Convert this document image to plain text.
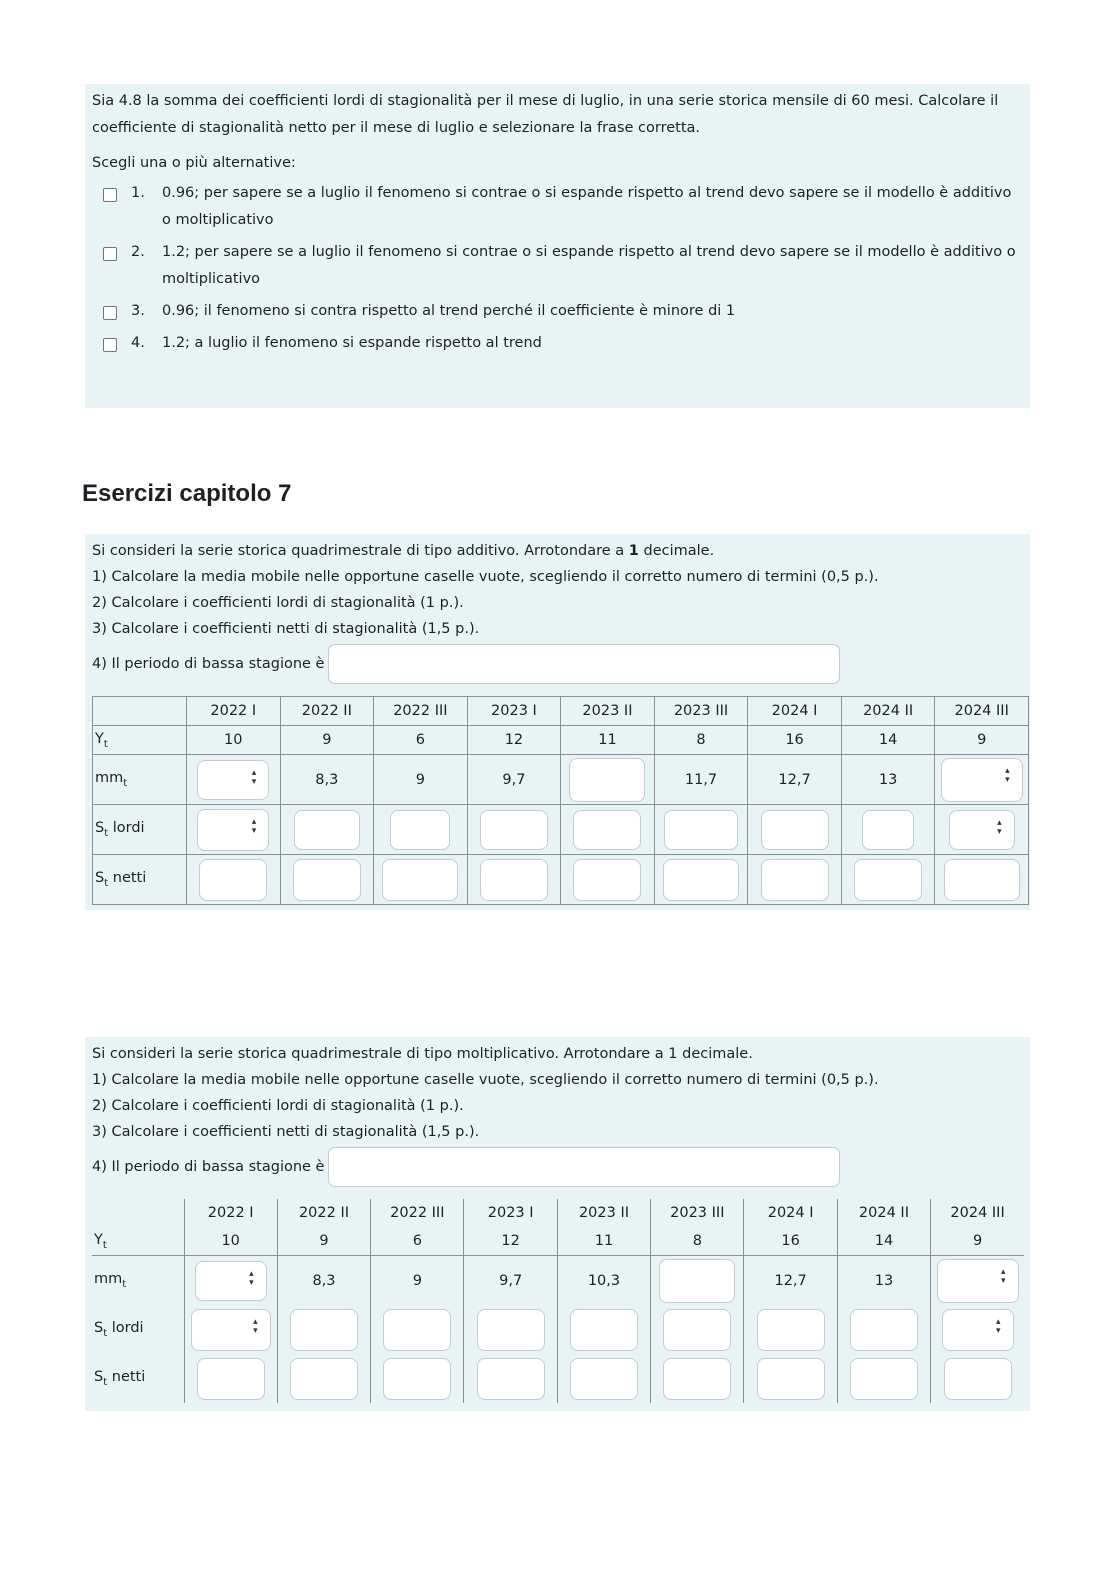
Sia 4.8 la somma dei coefficienti lordi di stagionalità per il mese di luglio, in una serie storica mensile di 60 mesi. Calcolare il coefficiente di stagionalità netto per il mese di luglio e selezionare la frase corretta.
Scegli una o più alternative:
1.	0.96; per sapere se a luglio il fenomeno si contrae o si espande rispetto al trend devo sapere se il modello è additivo o moltiplicativo
2.	1.2; per sapere se a luglio il fenomeno si contrae o si espande rispetto al trend devo sapere se il modello è additivo o moltiplicativo
3.	0.96; il fenomeno si contra rispetto al trend perché il coefficiente è minore di 1
4.	1.2; a luglio il fenomeno si espande rispetto al trend
Esercizi capitolo 7
Si consideri la serie storica quadrimestrale di tipo additivo. Arrotondare a 1 decimale.
1) Calcolare la media mobile nelle opportune caselle vuote, scegliendo il corretto numero di termini (0,5 p.).
2) Calcolare i coefficienti lordi di stagionalità (1 p.).
3) Calcolare i coefficienti netti di stagionalità (1,5 p.).
4) Il periodo di bassa stagione è
	2022 I	2022 II	2022 III	2023 I	2023 II	2023 III	2024 I	2024 II	2024 III
$Y_t$	10	9	6	12	11	8	16	14	9
$mm_t$	▴ ▾	8,3	9	9,7		11,7	12,7	13	▴ ▾
$S_t$ lordi	▴ ▾								▴ ▾
$S_t$ netti									
Si consideri la serie storica quadrimestrale di tipo moltiplicativo. Arrotondare a 1 decimale.
1) Calcolare la media mobile nelle opportune caselle vuote, scegliendo il corretto numero di termini (0,5 p.).
2) Calcolare i coefficienti lordi di stagionalità (1 p.).
3) Calcolare i coefficienti netti di stagionalità (1,5 p.).
4) Il periodo di bassa stagione è
	2022 I	2022 II	2022 III	2023 I	2023 II	2023 III	2024 I	2024 II	2024 III
$Y_t$	10	9	6	12	11	8	16	14	9
$mm_t$	▴ ▾	8,3	9	9,7	10,3		12,7	13	▴ ▾
$S_t$ lordi	▴ ▾								▴ ▾
$S_t$ netti									
